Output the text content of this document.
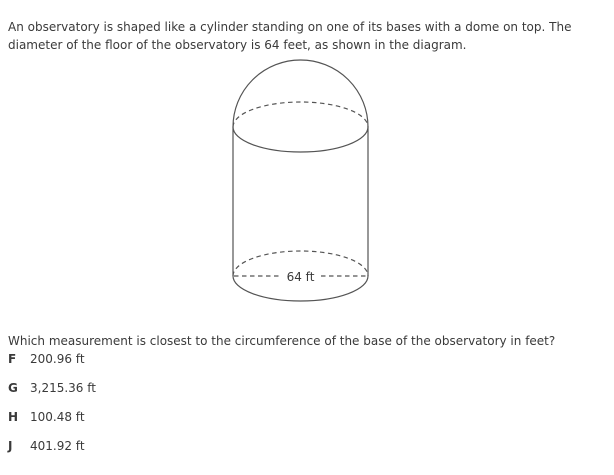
An observatory is shaped like a cylinder standing on one of its bases with a dome on top. The diameter of the floor of the observatory is 64 feet, as shown in the diagram.

64 ft

Which measurement is closest to the circumference of the base of the observatory in feet?

F 200.96 ft
G 3,215.36 ft
H 100.48 ft
J 401.92 ft
